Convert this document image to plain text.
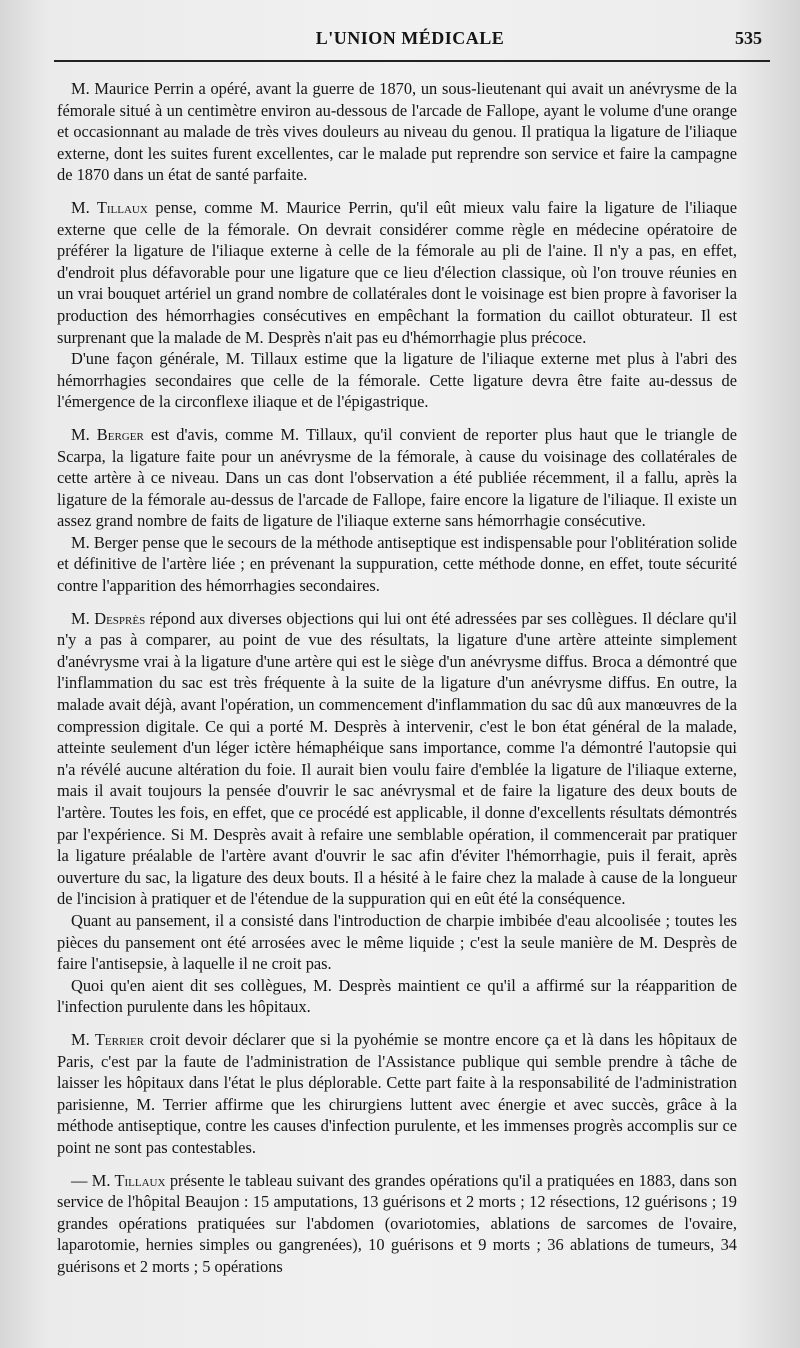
L'UNION MÉDICALE	535

M. Maurice Perrin a opéré, avant la guerre de 1870, un sous-lieutenant qui avait un anévrysme de la fémorale situé à un centimètre environ au-dessous de l'arcade de Fallope, ayant le volume d'une orange et occasionnant au malade de très vives douleurs au niveau du genou. Il pratiqua la ligature de l'iliaque externe, dont les suites furent excellentes, car le malade put reprendre son service et faire la campagne de 1870 dans un état de santé parfaite.

M. Tillaux pense, comme M. Maurice Perrin, qu'il eût mieux valu faire la ligature de l'iliaque externe que celle de la fémorale. On devrait considérer comme règle en médecine opératoire de préférer la ligature de l'iliaque externe à celle de la fémorale au pli de l'aine. Il n'y a pas, en effet, d'endroit plus défavorable pour une ligature que ce lieu d'élection classique, où l'on trouve réunies en un vrai bouquet artériel un grand nombre de collatérales dont le voisinage est bien propre à favoriser la production des hémorrhagies consécutives en empêchant la formation du caillot obturateur. Il est surprenant que la malade de M. Desprès n'ait pas eu d'hémorrhagie plus précoce.

D'une façon générale, M. Tillaux estime que la ligature de l'iliaque externe met plus à l'abri des hémorrhagies secondaires que celle de la fémorale. Cette ligature devra être faite au-dessus de l'émergence de la circonflexe iliaque et de l'épigastrique.

M. Berger est d'avis, comme M. Tillaux, qu'il convient de reporter plus haut que le triangle de Scarpa, la ligature faite pour un anévrysme de la fémorale, à cause du voisinage des collatérales de cette artère à ce niveau. Dans un cas dont l'observation a été publiée récemment, il a fallu, après la ligature de la fémorale au-dessus de l'arcade de Fallope, faire encore la ligature de l'iliaque. Il existe un assez grand nombre de faits de ligature de l'iliaque externe sans hémorrhagie consécutive.

M. Berger pense que le secours de la méthode antiseptique est indispensable pour l'oblitération solide et définitive de l'artère liée ; en prévenant la suppuration, cette méthode donne, en effet, toute sécurité contre l'apparition des hémorrhagies secondaires.

M. Desprès répond aux diverses objections qui lui ont été adressées par ses collègues. Il déclare qu'il n'y a pas à comparer, au point de vue des résultats, la ligature d'une artère atteinte simplement d'anévrysme vrai à la ligature d'une artère qui est le siège d'un anévrysme diffus. Broca a démontré que l'inflammation du sac est très fréquente à la suite de la ligature d'un anévrysme diffus. En outre, la malade avait déjà, avant l'opération, un commencement d'inflammation du sac dû aux manœuvres de la compression digitale. Ce qui a porté M. Desprès à intervenir, c'est le bon état général de la malade, atteinte seulement d'un léger ictère hémaphéique sans importance, comme l'a démontré l'autopsie qui n'a révélé aucune altération du foie. Il aurait bien voulu faire d'emblée la ligature de l'iliaque externe, mais il avait toujours la pensée d'ouvrir le sac anévrysmal et de faire la ligature des deux bouts de l'artère. Toutes les fois, en effet, que ce procédé est applicable, il donne d'excellents résultats démontrés par l'expérience. Si M. Desprès avait à refaire une semblable opération, il commencerait par pratiquer la ligature préalable de l'artère avant d'ouvrir le sac afin d'éviter l'hémorrhagie, puis il ferait, après ouverture du sac, la ligature des deux bouts. Il a hésité à le faire chez la malade à cause de la longueur de l'incision à pratiquer et de l'étendue de la suppuration qui en eût été la conséquence.

Quant au pansement, il a consisté dans l'introduction de charpie imbibée d'eau alcoolisée ; toutes les pièces du pansement ont été arrosées avec le même liquide ; c'est la seule manière de M. Desprès de faire l'antisepsie, à laquelle il ne croit pas.

Quoi qu'en aient dit ses collègues, M. Desprès maintient ce qu'il a affirmé sur la réapparition de l'infection purulente dans les hôpitaux.

M. Terrier croit devoir déclarer que si la pyohémie se montre encore ça et là dans les hôpitaux de Paris, c'est par la faute de l'administration de l'Assistance publique qui semble prendre à tâche de laisser les hôpitaux dans l'état le plus déplorable. Cette part faite à la responsabilité de l'administration parisienne, M. Terrier affirme que les chirurgiens luttent avec énergie et avec succès, grâce à la méthode antiseptique, contre les causes d'infection purulente, et les immenses progrès accomplis sur ce point ne sont pas contestables.

— M. Tillaux présente le tableau suivant des grandes opérations qu'il a pratiquées en 1883, dans son service de l'hôpital Beaujon : 15 amputations, 13 guérisons et 2 morts ; 12 résections, 12 guérisons ; 19 grandes opérations pratiquées sur l'abdomen (ovariotomies, ablations de sarcomes de l'ovaire, laparotomie, hernies simples ou gangrenées), 10 guérisons et 9 morts ; 36 ablations de tumeurs, 34 guérisons et 2 morts ; 5 opérations
